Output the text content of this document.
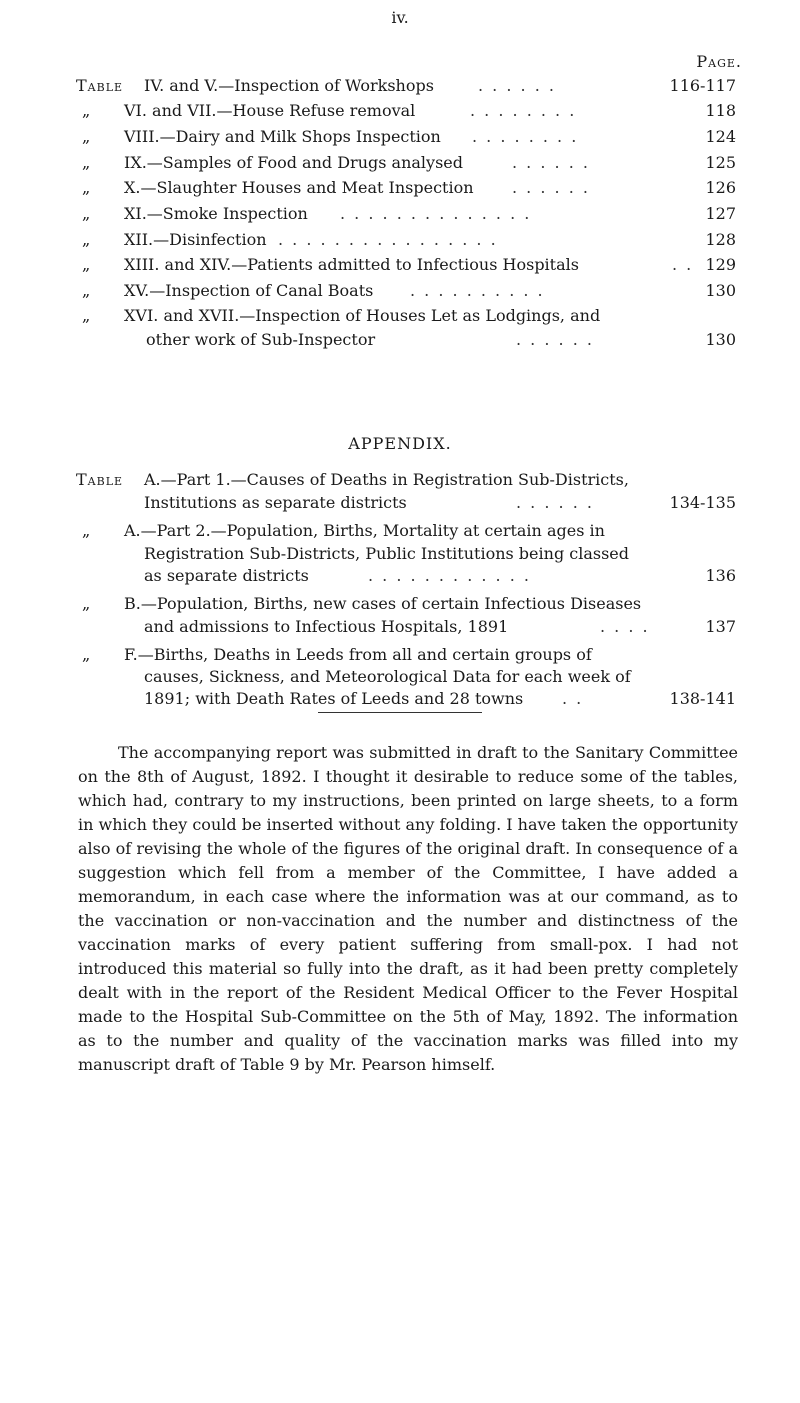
iv.
Page.
Table IV. and V.—Inspection of Workshops	. . . . . .	116-117
„ VI. and VII.—House Refuse removal	. . . . . . . .	118
„ VIII.—Dairy and Milk Shops Inspection . . . . . . . .	124
„ IX.—Samples of Food and Drugs analysed	. . . . . .	125
„ X.—Slaughter Houses and Meat Inspection . . . . . .	126
„ XI.—Smoke Inspection . . . . . . . . . . . . . .	127
„ XII.—Disinfection . . . . . . . . . . . . . . . .	128
„ XIII. and XIV.—Patients admitted to Infectious Hospitals	. . 129
„ XV.—Inspection of Canal Boats . . . . . . . . . .	130
„ XVI. and XVII.—Inspection of Houses Let as Lodgings, and
other work of Sub-Inspector	. . . . . .	130
APPENDIX.
Table A.—Part 1.—Causes of Deaths in Registration Sub-Districts,
Institutions as separate districts	. . . . . .	134-135
„ A.—Part 2.—Population, Births, Mortality at certain ages in
Registration Sub-Districts, Public Institutions being classed
as separate districts	. . . . . . . . . . . .	136
„ B.—Population, Births, new cases of certain Infectious Diseases
and admissions to Infectious Hospitals, 1891	. . . .	137
„ F.—Births, Deaths in Leeds from all and certain groups of
causes, Sickness, and Meteorological Data for each week of
1891; with Death Rates of Leeds and 28 towns . .	138-141
The accompanying report was submitted in draft to the Sanitary Committee on the 8th of August, 1892. I thought it desirable to reduce some of the tables, which had, contrary to my instructions, been printed on large sheets, to a form in which they could be inserted without any folding. I have taken the opportunity also of revising the whole of the figures of the original draft. In consequence of a suggestion which fell from a member of the Committee, I have added a memorandum, in each case where the information was at our command, as to the vaccination or non-vaccination and the number and distinctness of the vaccination marks of every patient suffering from small-pox. I had not introduced this material so fully into the draft, as it had been pretty completely dealt with in the report of the Resident Medical Officer to the Fever Hospital made to the Hospital Sub-Committee on the 5th of May, 1892. The information as to the number and quality of the vaccination marks was filled into my manuscript draft of Table 9 by Mr. Pearson himself.
